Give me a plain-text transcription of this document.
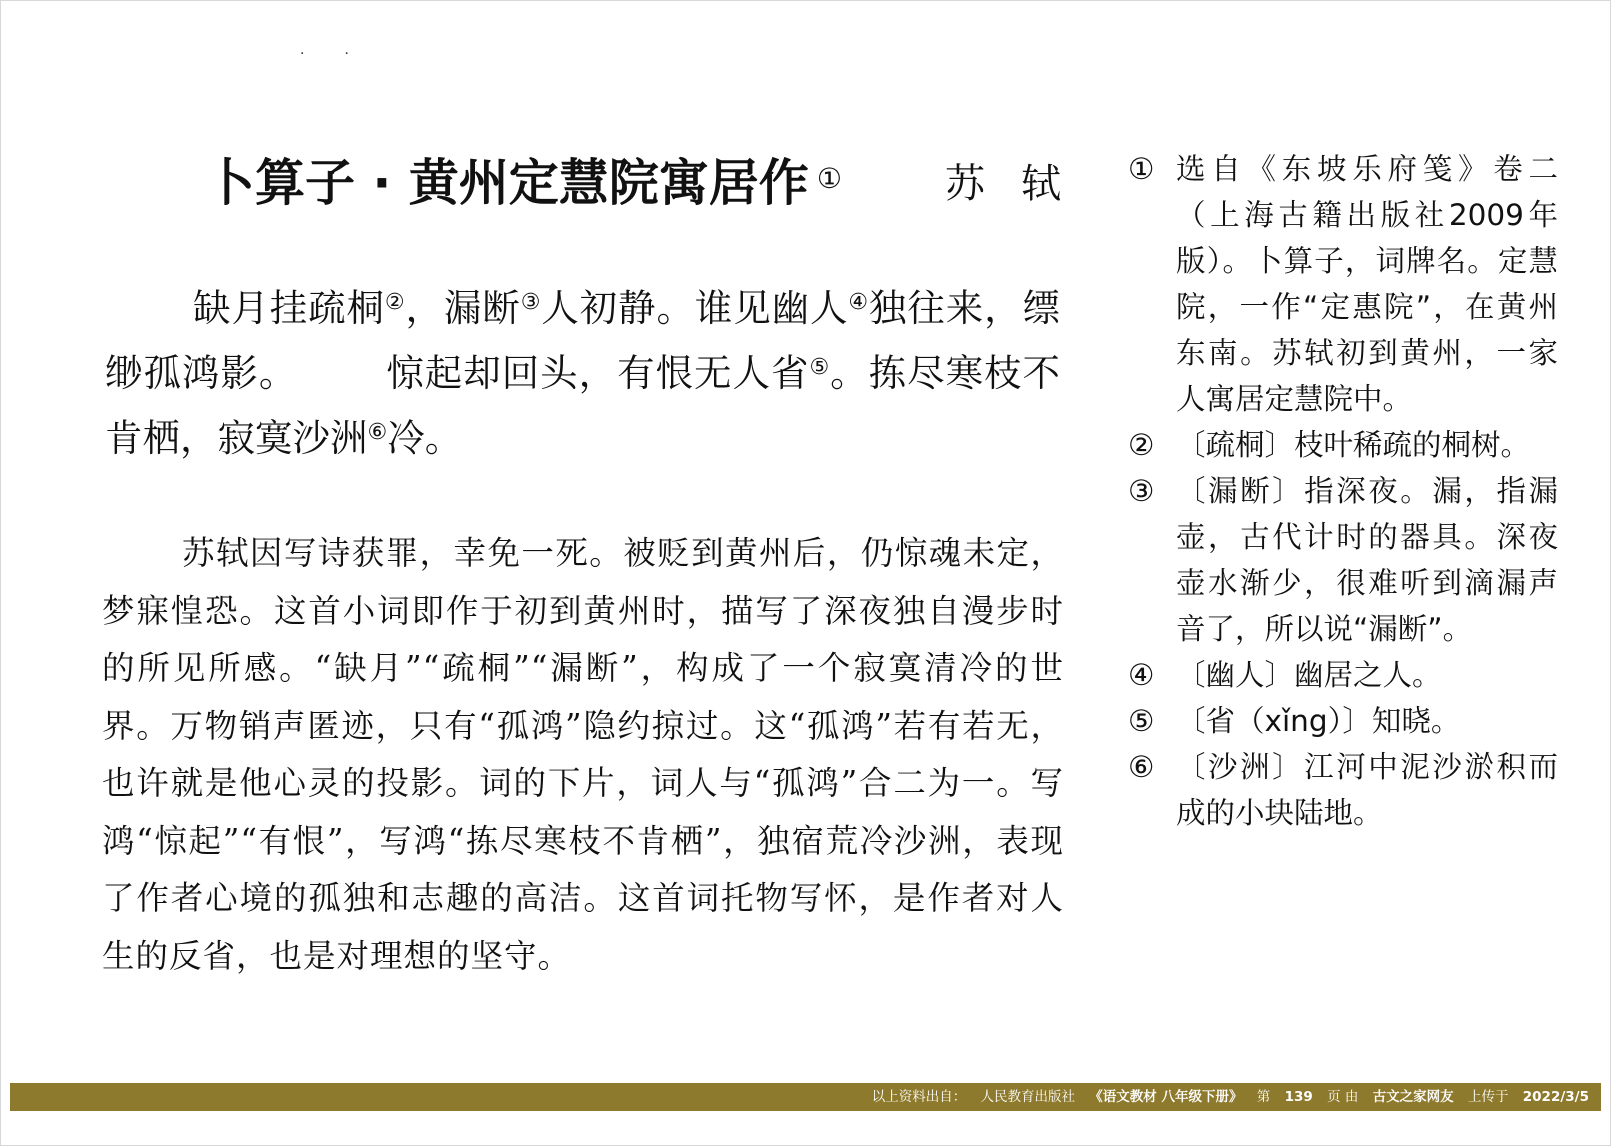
··
卜算子 · 黄州定慧院寓居作 ①	苏轼
缺月挂疏桐②，漏断③人初静。谁见幽人④独往来，缥缈孤鸿影。 惊起却回头，有恨无人省⑤。拣尽寒枝不肯栖，寂寞沙洲⑥冷。
苏轼因写诗获罪，幸免一死。被贬到黄州后，仍惊魂未定，梦寐惶恐。这首小词即作于初到黄州时，描写了深夜独自漫步时的所见所感。“缺月”“疏桐”“漏断”，构成了一个寂寞清冷的世界。万物销声匿迹，只有“孤鸿”隐约掠过。这“孤鸿”若有若无，也许就是他心灵的投影。词的下片，词人与“孤鸿”合二为一。写鸿“惊起”“有恨”，写鸿“拣尽寒枝不肯栖”，独宿荒冷沙洲，表现了作者心境的孤独和志趣的高洁。这首词托物写怀，是作者对人生的反省，也是对理想的坚守。
① 选自《东坡乐府笺》卷二（上海古籍出版社2009年版）。卜算子，词牌名。定慧院，一作“定惠院”，在黄州东南。苏轼初到黄州，一家人寓居定慧院中。
② 〔疏桐〕枝叶稀疏的桐树。
③ 〔漏断〕指深夜。漏，指漏壶，古代计时的器具。深夜壶水渐少，很难听到滴漏声音了，所以说“漏断”。
④ 〔幽人〕幽居之人。
⑤ 〔省（xǐng）〕知晓。
⑥ 〔沙洲〕江河中泥沙淤积而成的小块陆地。
以上资料出自： 人民教育出版社 《语文教材 八年级下册》 第 139 页 由 古文之家网友 上传于 2022/3/5
